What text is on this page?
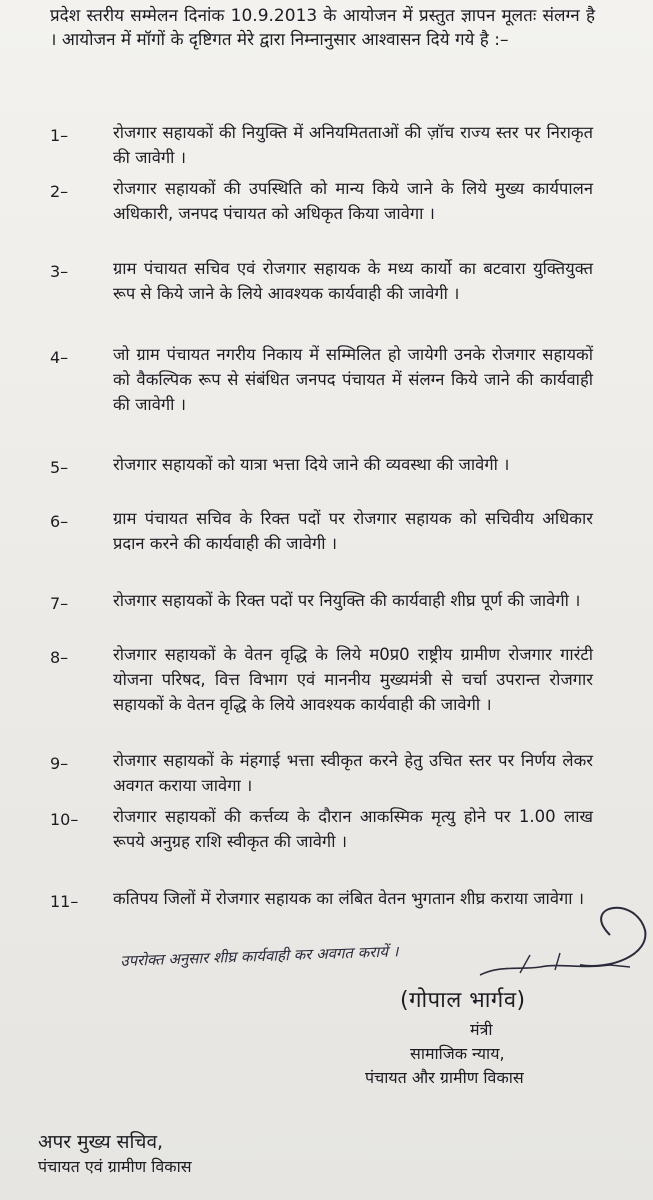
प्रदेश स्तरीय सम्मेलन दिनांक 10.9.2013 के आयोजन में प्रस्तुत ज्ञापन मूलतः संलग्न है । आयोजन में मॉगों के दृष्टिगत मेरे द्वारा निम्नानुसार आश्वासन दिये गये है :–
1–	रोजगार सहायकों की नियुक्ति में अनियमितताओं की ज़ॉच राज्य स्तर पर निराकृत की जावेगी ।
2–	रोजगार सहायकों की उपस्थिति को मान्य किये जाने के लिये मुख्य कार्यपालन अधिकारी, जनपद पंचायत को अधिकृत किया जावेगा ।
3–	ग्राम पंचायत सचिव एवं रोजगार सहायक के मध्य कार्यो का बटवारा युक्तियुक्त रूप से किये जाने के लिये आवश्यक कार्यवाही की जावेगी ।
4–	जो ग्राम पंचायत नगरीय निकाय में सम्मिलित हो जायेगी उनके रोजगार सहायकों को वैकल्पिक रूप से संबंधित जनपद पंचायत में संलग्न किये जाने की कार्यवाही की जावेगी ।
5–	रोजगार सहायकों को यात्रा भत्ता दिये जाने की व्यवस्था की जावेगी ।
6–	ग्राम पंचायत सचिव के रिक्त पदों पर रोजगार सहायक को सचिवीय अधिकार प्रदान करने की कार्यवाही की जावेगी ।
7–	रोजगार सहायकों के रिक्त पदों पर नियुक्ति की कार्यवाही शीघ्र पूर्ण की जावेगी ।
8–	रोजगार सहायकों के वेतन वृद्धि के लिये म0प्र0 राष्ट्रीय ग्रामीण रोजगार गारंटी योजना परिषद, वित्त विभाग एवं माननीय मुख्यमंत्री से चर्चा उपरान्त रोजगार सहायकों के वेतन वृद्धि के लिये आवश्यक कार्यवाही की जावेगी ।
9–	रोजगार सहायकों के मंहगाई भत्ता स्वीकृत करने हेतु उचित स्तर पर निर्णय लेकर अवगत कराया जावेगा ।
10–	रोजगार सहायकों की कर्त्तव्य के दौरान आकस्मिक मृत्यु होने पर 1.00 लाख रूपये अनुग्रह राशि स्वीकृत की जावेगी ।
11–	कतिपय जिलों में रोजगार सहायक का लंबित वेतन भुगतान शीघ्र कराया जावेगा ।
उपरोक्त अनुसार शीघ्र कार्यवाही कर अवगत करायें ।
(गोपाल भार्गव)
मंत्री
सामाजिक न्याय,
पंचायत और ग्रामीण विकास
अपर मुख्य सचिव,
पंचायत एवं ग्रामीण विकास
